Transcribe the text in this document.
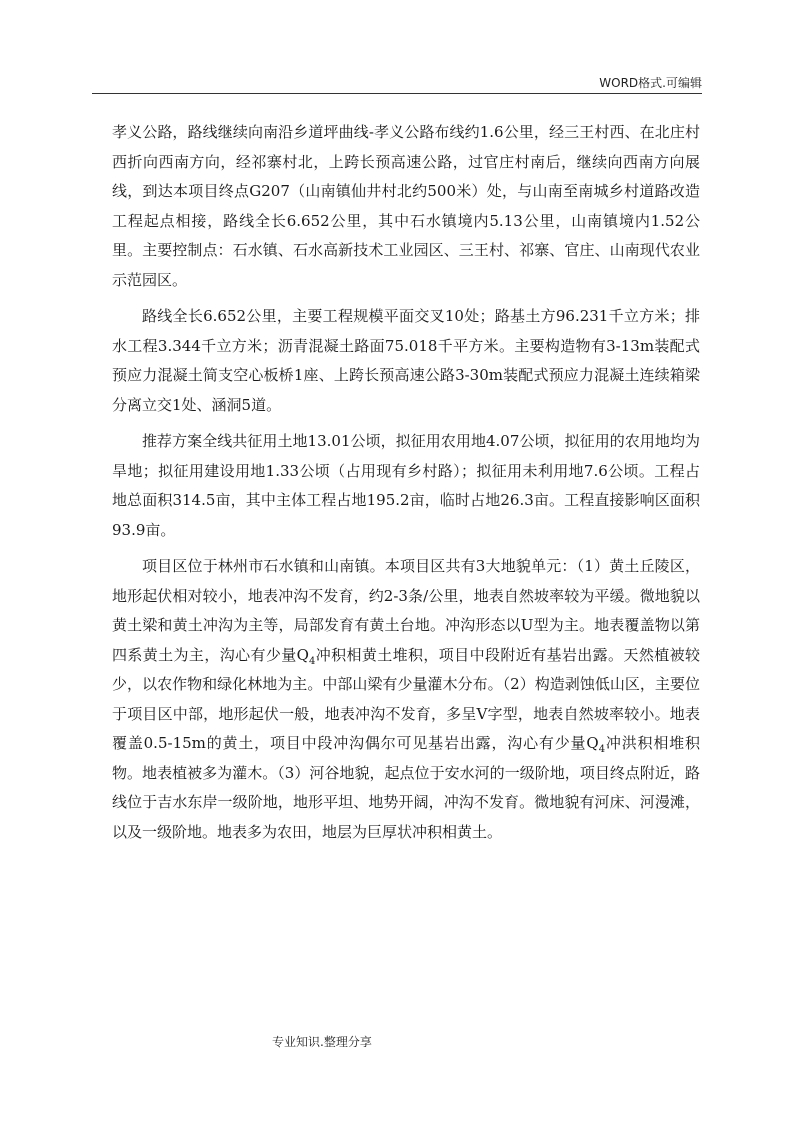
WORD格式.可编辑

孝义公路，路线继续向南沿乡道坪曲线-孝义公路布线约1.6公里，经三王村西、在北庄村西折向西南方向，经祁寨村北，上跨长预高速公路，过官庄村南后，继续向西南方向展线，到达本项目终点G207（山南镇仙井村北约500米）处，与山南至南城乡村道路改造工程起点相接，路线全长6.652公里，其中石水镇境内5.13公里，山南镇境内1.52公里。主要控制点：石水镇、石水高新技术工业园区、三王村、祁寨、官庄、山南现代农业示范园区。

路线全长6.652公里，主要工程规模平面交叉10处；路基土方96.231千立方米；排水工程3.344千立方米；沥青混凝土路面75.018千平方米。主要构造物有3-13m装配式预应力混凝土简支空心板桥1座、上跨长预高速公路3-30m装配式预应力混凝土连续箱梁分离立交1处、涵洞5道。

推荐方案全线共征用土地13.01公顷，拟征用农用地4.07公顷，拟征用的农用地均为旱地；拟征用建设用地1.33公顷（占用现有乡村路）；拟征用未利用地7.6公顷。工程占地总面积314.5亩，其中主体工程占地195.2亩，临时占地26.3亩。工程直接影响区面积93.9亩。

项目区位于林州市石水镇和山南镇。本项目区共有3大地貌单元：（1）黄土丘陵区，地形起伏相对较小，地表冲沟不发育，约2-3条/公里，地表自然坡率较为平缓。微地貌以黄土梁和黄土冲沟为主等，局部发育有黄土台地。冲沟形态以U型为主。地表覆盖物以第四系黄土为主，沟心有少量$Q_4$冲积相黄土堆积，项目中段附近有基岩出露。天然植被较少，以农作物和绿化林地为主。中部山梁有少量灌木分布。（2）构造剥蚀低山区，主要位于项目区中部，地形起伏一般，地表冲沟不发育，多呈V字型，地表自然坡率较小。地表覆盖0.5-15m的黄土，项目中段冲沟偶尔可见基岩出露，沟心有少量$Q_4$冲洪积相堆积物。地表植被多为灌木。（3）河谷地貌，起点位于安水河的一级阶地，项目终点附近，路线位于吉水东岸一级阶地，地形平坦、地势开阔，冲沟不发育。微地貌有河床、河漫滩，以及一级阶地。地表多为农田，地层为巨厚状冲积相黄土。

专业知识.整理分享
